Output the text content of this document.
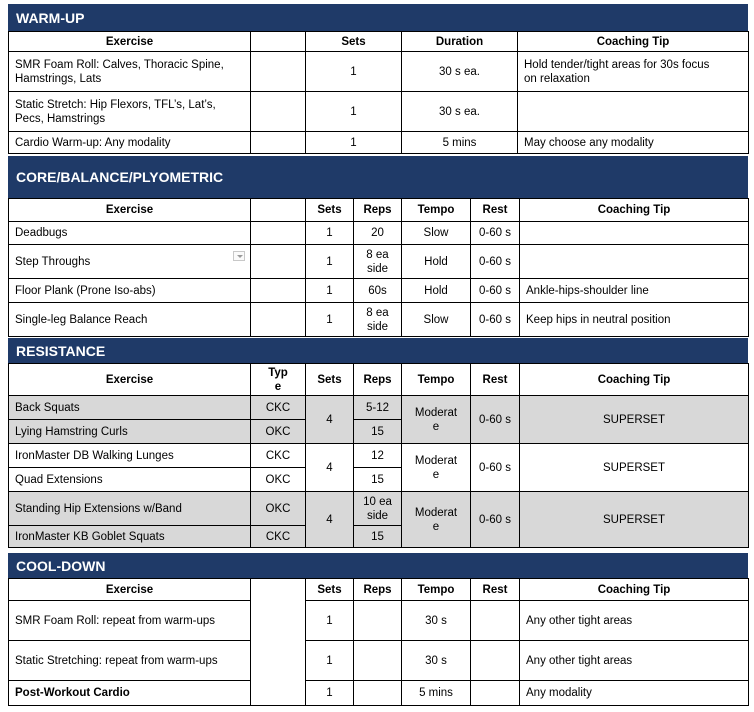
WARM-UP
Exercise		Sets	Duration	Coaching Tip
SMR Foam Roll: Calves, Thoracic Spine,
Hamstrings, Lats		1	30 s ea.	Hold tender/tight areas for 30s focus
on relaxation
Static Stretch: Hip Flexors, TFL’s, Lat’s,
Pecs, Hamstrings		1	30 s ea.	
Cardio Warm-up: Any modality		1	5 mins	May choose any modality
CORE/BALANCE/PLYOMETRIC
Exercise		Sets	Reps	Tempo	Rest	Coaching Tip
Deadbugs		1	20	Slow	0-60 s	
Step Throughs		1	8 ea
side	Hold	0-60 s	
Floor Plank (Prone Iso-abs)		1	60s	Hold	0-60 s	Ankle-hips-shoulder line
Single-leg Balance Reach		1	8 ea
side	Slow	0-60 s	Keep hips in neutral position
RESISTANCE
Exercise	Typ
e	Sets	Reps	Tempo	Rest	Coaching Tip
Back Squats	CKC	4	5-12	Moderat
e	0-60 s	SUPERSET
Lying Hamstring Curls	OKC		15			
IronMaster DB Walking Lunges	CKC	4	12	Moderat
e	0-60 s	SUPERSET
Quad Extensions	OKC		15			
Standing Hip Extensions w/Band	OKC	4	10 ea
side	Moderat
e	0-60 s	SUPERSET
IronMaster KB Goblet Squats	CKC		15			
COOL-DOWN
Exercise		Sets	Reps	Tempo	Rest	Coaching Tip
SMR Foam Roll: repeat from warm-ups		1		30 s		Any other tight areas
Static Stretching: repeat from warm-ups		1		30 s		Any other tight areas
Post-Workout Cardio		1		5 mins		Any modality
